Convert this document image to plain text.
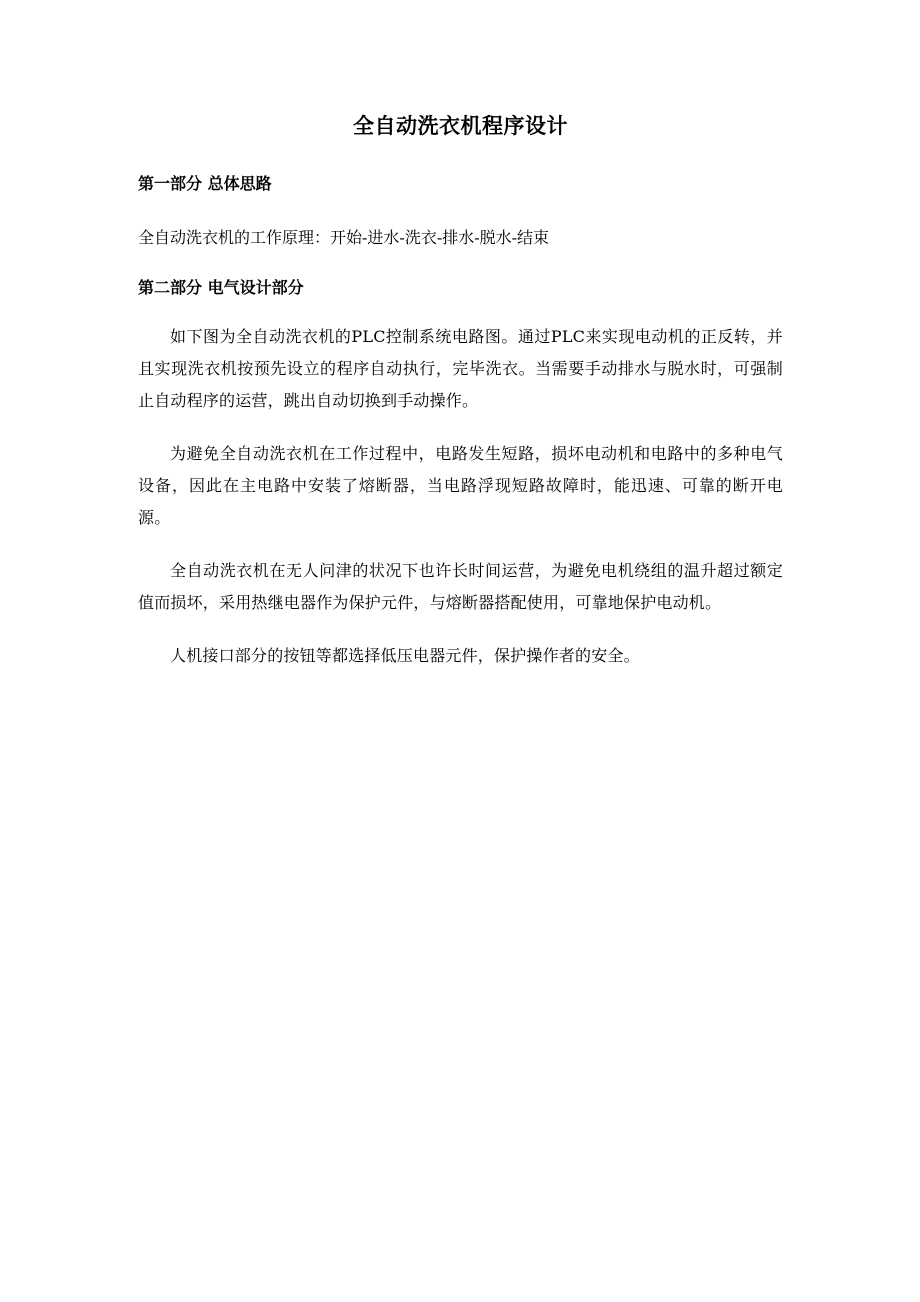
全自动洗衣机程序设计
第一部分 总体思路

全自动洗衣机的工作原理：开始-进水-洗衣-排水-脱水-结束

第二部分 电气设计部分

如下图为全自动洗衣机的PLC控制系统电路图。通过PLC来实现电动机的正反转，并且实现洗衣机按预先设立的程序自动执行，完毕洗衣。当需要手动排水与脱水时，可强制止自动程序的运营，跳出自动切换到手动操作。

为避免全自动洗衣机在工作过程中，电路发生短路，损坏电动机和电路中的多种电气设备，因此在主电路中安装了熔断器，当电路浮现短路故障时，能迅速、可靠的断开电源。

全自动洗衣机在无人问津的状况下也许长时间运营，为避免电机绕组的温升超过额定值而损坏，采用热继电器作为保护元件，与熔断器搭配使用，可靠地保护电动机。

人机接口部分的按钮等都选择低压电器元件，保护操作者的安全。
